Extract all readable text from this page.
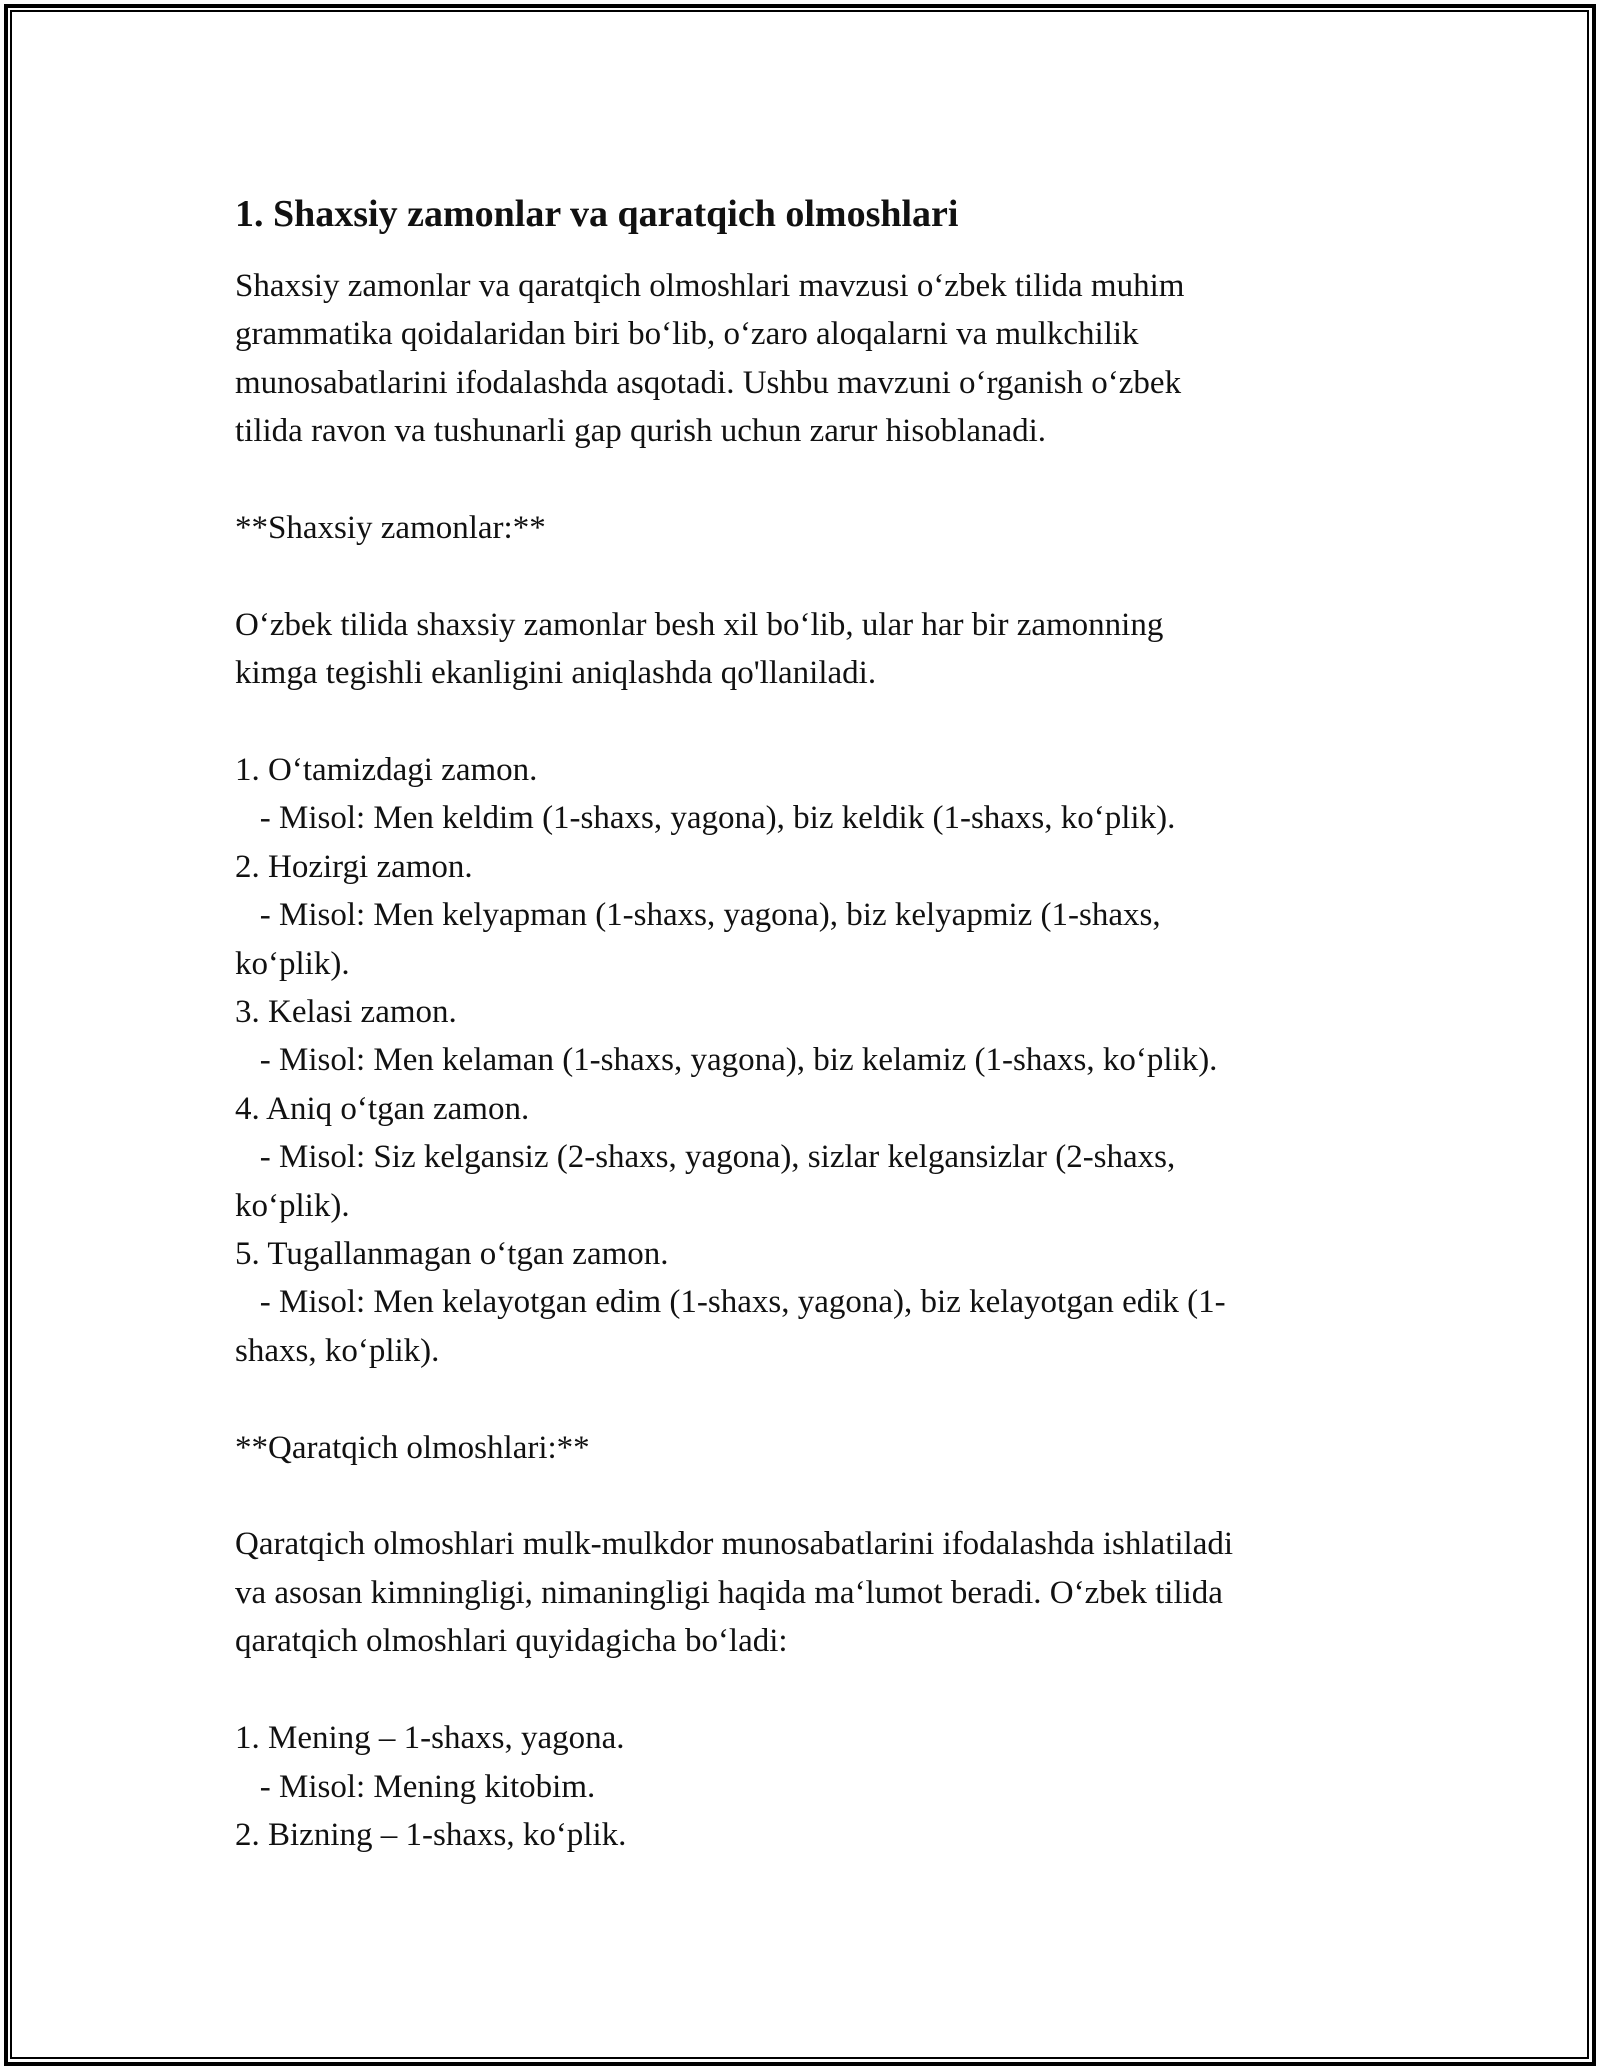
1. Shaxsiy zamonlar va qaratqich olmoshlari
Shaxsiy zamonlar va qaratqich olmoshlari mavzusi o‘zbek tilida muhim
grammatika qoidalaridan biri bo‘lib, o‘zaro aloqalarni va mulkchilik
munosabatlarini ifodalashda asqotadi. Ushbu mavzuni o‘rganish o‘zbek
tilida ravon va tushunarli gap qurish uchun zarur hisoblanadi.
**Shaxsiy zamonlar:**
O‘zbek tilida shaxsiy zamonlar besh xil bo‘lib, ular har bir zamonning
kimga tegishli ekanligini aniqlashda qo'llaniladi.
1. O‘tamizdagi zamon.
- Misol: Men keldim (1-shaxs, yagona), biz keldik (1-shaxs, ko‘plik).
2. Hozirgi zamon.
- Misol: Men kelyapman (1-shaxs, yagona), biz kelyapmiz (1-shaxs,
ko‘plik).
3. Kelasi zamon.
- Misol: Men kelaman (1-shaxs, yagona), biz kelamiz (1-shaxs, ko‘plik).
4. Aniq o‘tgan zamon.
- Misol: Siz kelgansiz (2-shaxs, yagona), sizlar kelgansizlar (2-shaxs,
ko‘plik).
5. Tugallanmagan o‘tgan zamon.
- Misol: Men kelayotgan edim (1-shaxs, yagona), biz kelayotgan edik (1-
shaxs, ko‘plik).
**Qaratqich olmoshlari:**
Qaratqich olmoshlari mulk-mulkdor munosabatlarini ifodalashda ishlatiladi
va asosan kimningligi, nimaningligi haqida ma‘lumot beradi. O‘zbek tilida
qaratqich olmoshlari quyidagicha bo‘ladi:
1. Mening – 1-shaxs, yagona.
- Misol: Mening kitobim.
2. Bizning – 1-shaxs, ko‘plik.
